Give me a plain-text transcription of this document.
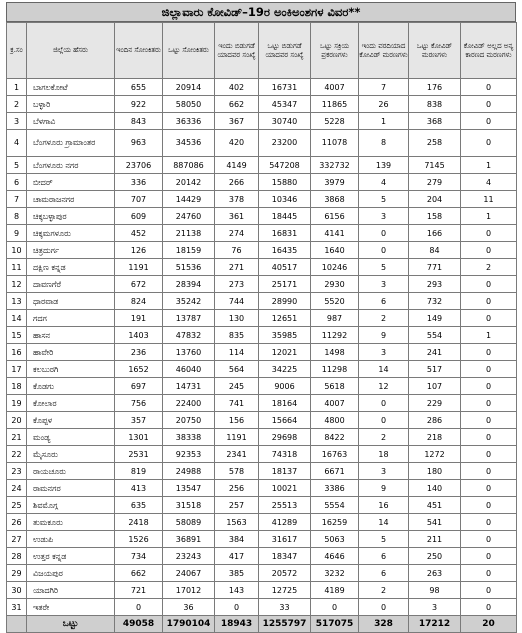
ಜಿಲ್ಲಾವಾರು ಕೋವಿಡ್–19ರ ಅಂಕಿಅಂಶಗಳ ವಿವರ**
ಕ್ರ.ಸಂ	ಜಿಲ್ಲೆಯ ಹೆಸರು	ಇಂದಿನ ಸೋಂಕಿತರು	ಒಟ್ಟು ಸೋಂಕಿತರು	ಇಂದು ಬಿಡುಗಡೆ ಯಾದವರ ಸಂಖ್ಯೆ	ಒಟ್ಟು ಬಿಡುಗಡೆ ಯಾದವರ ಸಂಖ್ಯೆ	ಒಟ್ಟು ಸಕ್ರಿಯ ಪ್ರಕರಣಗಳು	ಇಂದು ವರದಿಯಾದ ಕೋವಿಡ್ ಮರಣಗಳು	ಒಟ್ಟು ಕೋವಿಡ್ ಮರಣಗಳು	ಕೋವಿಡ್ ಅಲ್ಲದ ಅನ್ಯ ಕಾರಣದ ಮರಣಗಳು
1	ಬಾಗಲಕೋಟೆ	655	20914	402	16731	4007	7	176	0
2	ಬಳ್ಳಾರಿ	922	58050	662	45347	11865	26	838	0
3	ಬೆಳಗಾವಿ	843	36336	367	30740	5228	1	368	0
4	ಬೆಂಗಳೂರು ಗ್ರಾಮಾಂತರ	963	34536	420	23200	11078	8	258	0
5	ಬೆಂಗಳೂರು ನಗರ	23706	887086	4149	547208	332732	139	7145	1
6	ಬೀದರ್	336	20142	266	15880	3979	4	279	4
7	ಚಾಮರಾಜನಗರ	707	14429	378	10346	3868	5	204	11
8	ಚಿಕ್ಕಬಳ್ಳಾಪುರ	609	24760	361	18445	6156	3	158	1
9	ಚಿಕ್ಕಮಗಳೂರು	452	21138	274	16831	4141	0	166	0
10	ಚಿತ್ರದುರ್ಗ	126	18159	76	16435	1640	0	84	0
11	ದಕ್ಷಿಣ ಕನ್ನಡ	1191	51536	271	40517	10246	5	771	2
12	ದಾವಣಗೆರೆ	672	28394	273	25171	2930	3	293	0
13	ಧಾರವಾಡ	824	35242	744	28990	5520	6	732	0
14	ಗದಗ	191	13787	130	12651	987	2	149	0
15	ಹಾಸನ	1403	47832	835	35985	11292	9	554	1
16	ಹಾವೇರಿ	236	13760	114	12021	1498	3	241	0
17	ಕಲಬುರಗಿ	1652	46040	564	34225	11298	14	517	0
18	ಕೊಡಗು	697	14731	245	9006	5618	12	107	0
19	ಕೋಲಾರ	756	22400	741	18164	4007	0	229	0
20	ಕೊಪ್ಪಳ	357	20750	156	15664	4800	0	286	0
21	ಮಂಡ್ಯ	1301	38338	1191	29698	8422	2	218	0
22	ಮೈಸೂರು	2531	92353	2341	74318	16763	18	1272	0
23	ರಾಯಚೂರು	819	24988	578	18137	6671	3	180	0
24	ರಾಮನಗರ	413	13547	256	10021	3386	9	140	0
25	ಶಿವಮೊಗ್ಗ	635	31518	257	25513	5554	16	451	0
26	ತುಮಕೂರು	2418	58089	1563	41289	16259	14	541	0
27	ಉಡುಪಿ	1526	36891	384	31617	5063	5	211	0
28	ಉತ್ತರ ಕನ್ನಡ	734	23243	417	18347	4646	6	250	0
29	ವಿಜಯಪುರ	662	24067	385	20572	3232	6	263	0
30	ಯಾದಗಿರಿ	721	17012	143	12725	4189	2	98	0
31	ಇತರೇ	0	36	0	33	0	0	3	0
	ಒಟ್ಟು	49058	1790104	18943	1255797	517075	328	17212	20
